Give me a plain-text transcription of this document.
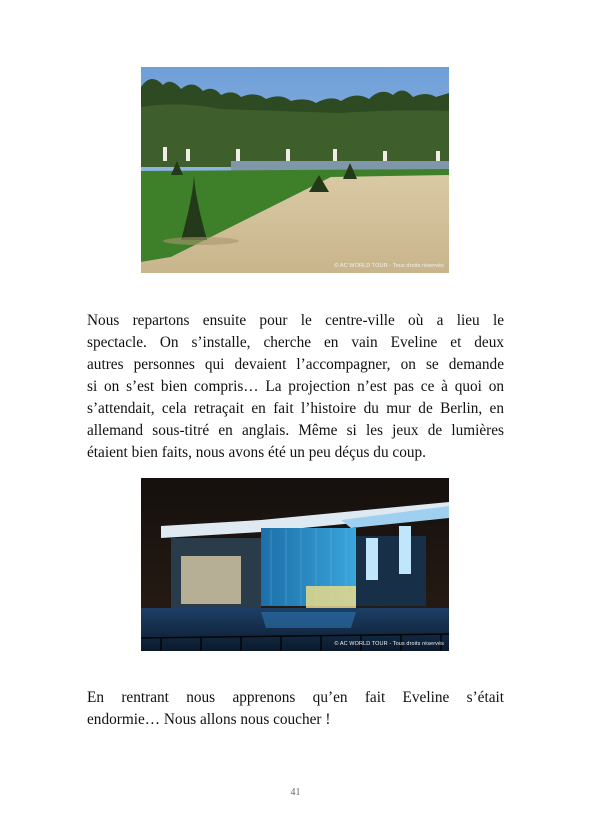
© AC WORLD TOUR - Tous droits réservés

Nous repartons ensuite pour le centre-ville où a lieu le
spectacle. On s’installe, cherche en vain Eveline et deux
autres personnes qui devaient l’accompagner, on se demande
si on s’est bien compris… La projection n’est pas ce à quoi on
s’attendait, cela retraçait en fait l’histoire du mur de Berlin, en
allemand sous-titré en anglais. Même si les jeux de lumières
étaient bien faits, nous avons été un peu déçus du coup.

© AC WORLD TOUR - Tous droits réservés

En rentrant nous apprenons qu’en fait Eveline s’était
endormie… Nous allons nous coucher !

41
